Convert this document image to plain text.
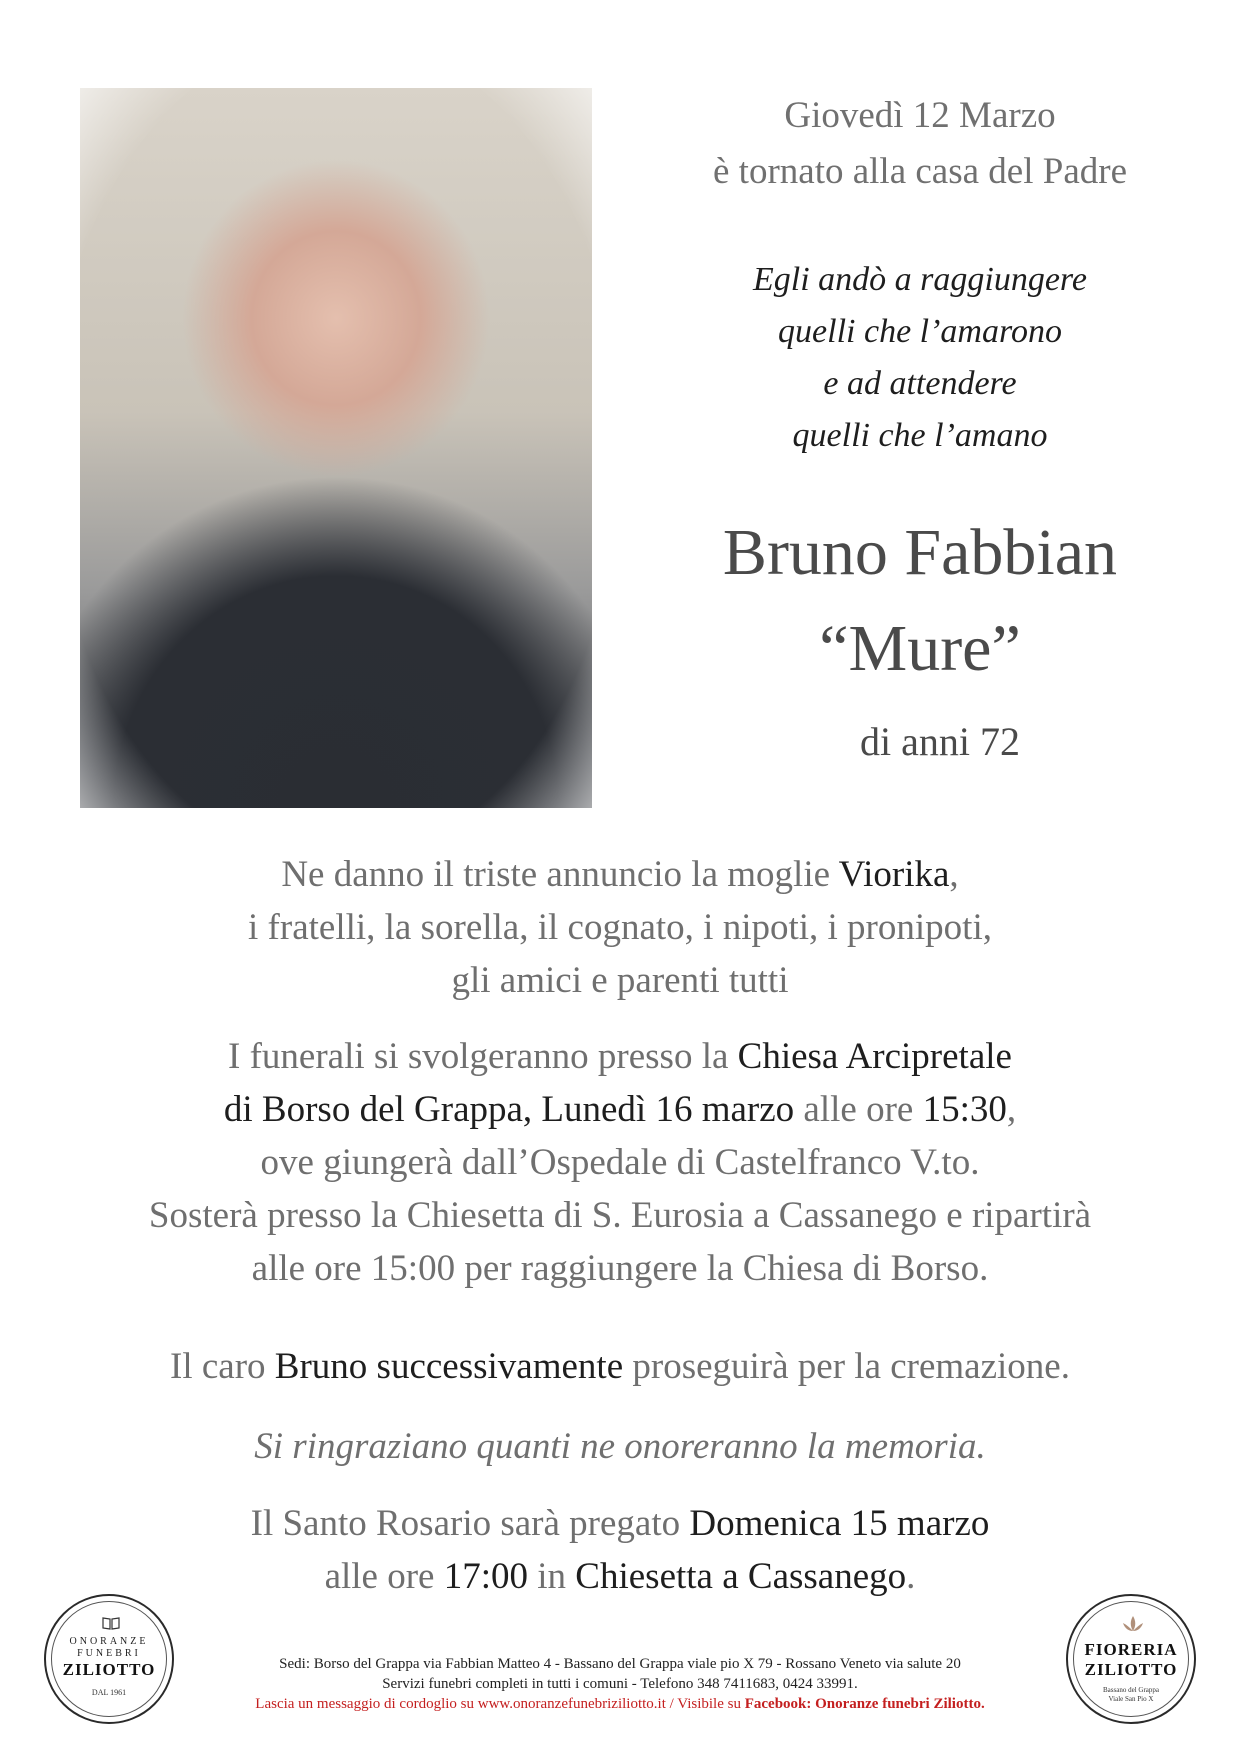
Giovedì 12 Marzo
è tornato alla casa del Padre
Egli andò a raggiungere
quelli che l’amarono
e ad attendere
quelli che l’amano
Bruno Fabbian
“Mure”
di anni 72
Ne danno il triste annuncio la moglie Viorika,
i fratelli, la sorella, il cognato, i nipoti, i pronipoti,
gli amici e parenti tutti
I funerali si svolgeranno presso la Chiesa Arcipretale
di Borso del Grappa, Lunedì 16 marzo alle ore 15:30,
ove giungerà dall’Ospedale di Castelfranco V.to.
Sosterà presso la Chiesetta di S. Eurosia a Cassanego e ripartirà
alle ore 15:00 per raggiungere la Chiesa di Borso.
Il caro Bruno successivamente proseguirà per la cremazione.
Si ringraziano quanti ne onoreranno la memoria.
Il Santo Rosario sarà pregato Domenica 15 marzo
alle ore 17:00 in Chiesetta a Cassanego.
ONORANZE
FUNEBRI
ZILIOTTO
DAL 1961
FIORERIA
ZILIOTTO
Bassano del Grappa
Viale San Pio X
Sedi: Borso del Grappa via Fabbian Matteo 4 - Bassano del Grappa viale pio X 79 - Rossano Veneto via salute 20
Servizi funebri completi in tutti i comuni - Telefono 348 7411683, 0424 33991.
Lascia un messaggio di cordoglio su www.onoranzefunebriziliotto.it / Visibile su Facebook: Onoranze funebri Ziliotto.
